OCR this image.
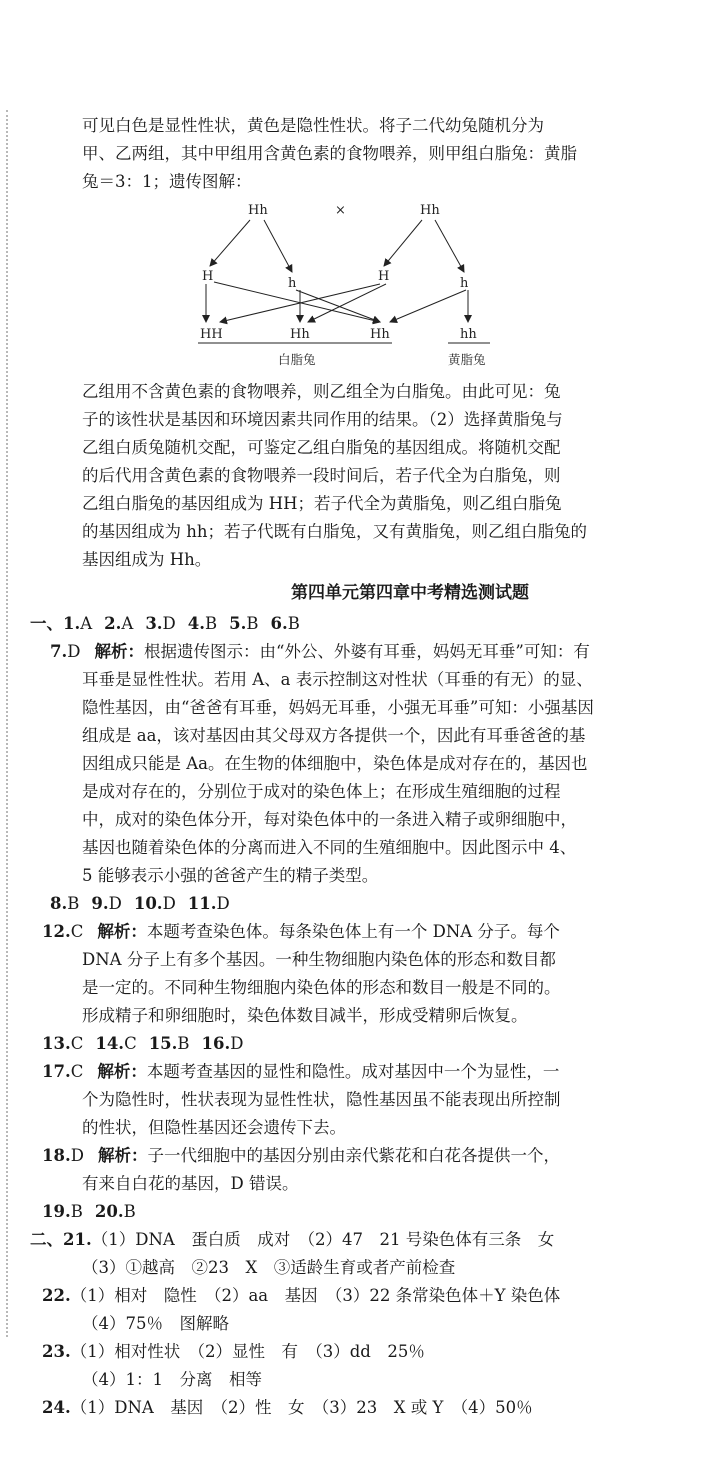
可见白色是显性性状，黄色是隐性性状。将子二代幼兔随机分为

甲、乙两组，其中甲组用含黄色素的食物喂养，则甲组白脂兔：黄脂

兔＝3：1；遗传图解：

Hh	×	Hh
H	h	H	h
HH	Hh	Hh	hh
白脂兔	黄脂兔

乙组用不含黄色素的食物喂养，则乙组全为白脂兔。由此可见：兔

子的该性状是基因和环境因素共同作用的结果。（2）选择黄脂兔与

乙组白质兔随机交配，可鉴定乙组白脂兔的基因组成。将随机交配

的后代用含黄色素的食物喂养一段时间后，若子代全为白脂兔，则

乙组白脂兔的基因组成为 HH；若子代全为黄脂兔，则乙组白脂兔

的基因组成为 hh；若子代既有白脂兔，又有黄脂兔，则乙组白脂兔的

基因组成为 Hh。

第四单元第四章中考精选测试题

一、1.A 2.A 3.D 4.B 5.B 6.B

7.D 解析：根据遗传图示：由“外公、外婆有耳垂，妈妈无耳垂”可知：有

耳垂是显性性状。若用 A、a 表示控制这对性状（耳垂的有无）的显、

隐性基因，由“爸爸有耳垂，妈妈无耳垂，小强无耳垂”可知：小强基因

组成是 aa，该对基因由其父母双方各提供一个，因此有耳垂爸爸的基

因组成只能是 Aa。在生物的体细胞中，染色体是成对存在的，基因也

是成对存在的，分别位于成对的染色体上；在形成生殖细胞的过程

中，成对的染色体分开，每对染色体中的一条进入精子或卵细胞中，

基因也随着染色体的分离而进入不同的生殖细胞中。因此图示中 4、

5 能够表示小强的爸爸产生的精子类型。

8.B 9.D 10.D 11.D

12.C 解析：本题考查染色体。每条染色体上有一个 DNA 分子。每个

DNA 分子上有多个基因。一种生物细胞内染色体的形态和数目都

是一定的。不同种生物细胞内染色体的形态和数目一般是不同的。

形成精子和卵细胞时，染色体数目减半，形成受精卵后恢复。

13.C 14.C 15.B 16.D

17.C 解析：本题考查基因的显性和隐性。成对基因中一个为显性，一

个为隐性时，性状表现为显性性状，隐性基因虽不能表现出所控制

的性状，但隐性基因还会遗传下去。

18.D 解析：子一代细胞中的基因分别由亲代紫花和白花各提供一个，

有来自白花的基因，D 错误。

19.B 20.B

二、21.（1）DNA　蛋白质　成对　（2）47　21 号染色体有三条　女

（3）①越高　②23　X　③适龄生育或者产前检查

22.（1）相对　隐性　（2）aa　基因　（3）22 条常染色体＋Y 染色体

（4）75％　图解略

23.（1）相对性状　（2）显性　有　（3）dd　25％

（4）1：1　分离　相等

24.（1）DNA　基因　（2）性　女　（3）23　X 或 Y　（4）50％
